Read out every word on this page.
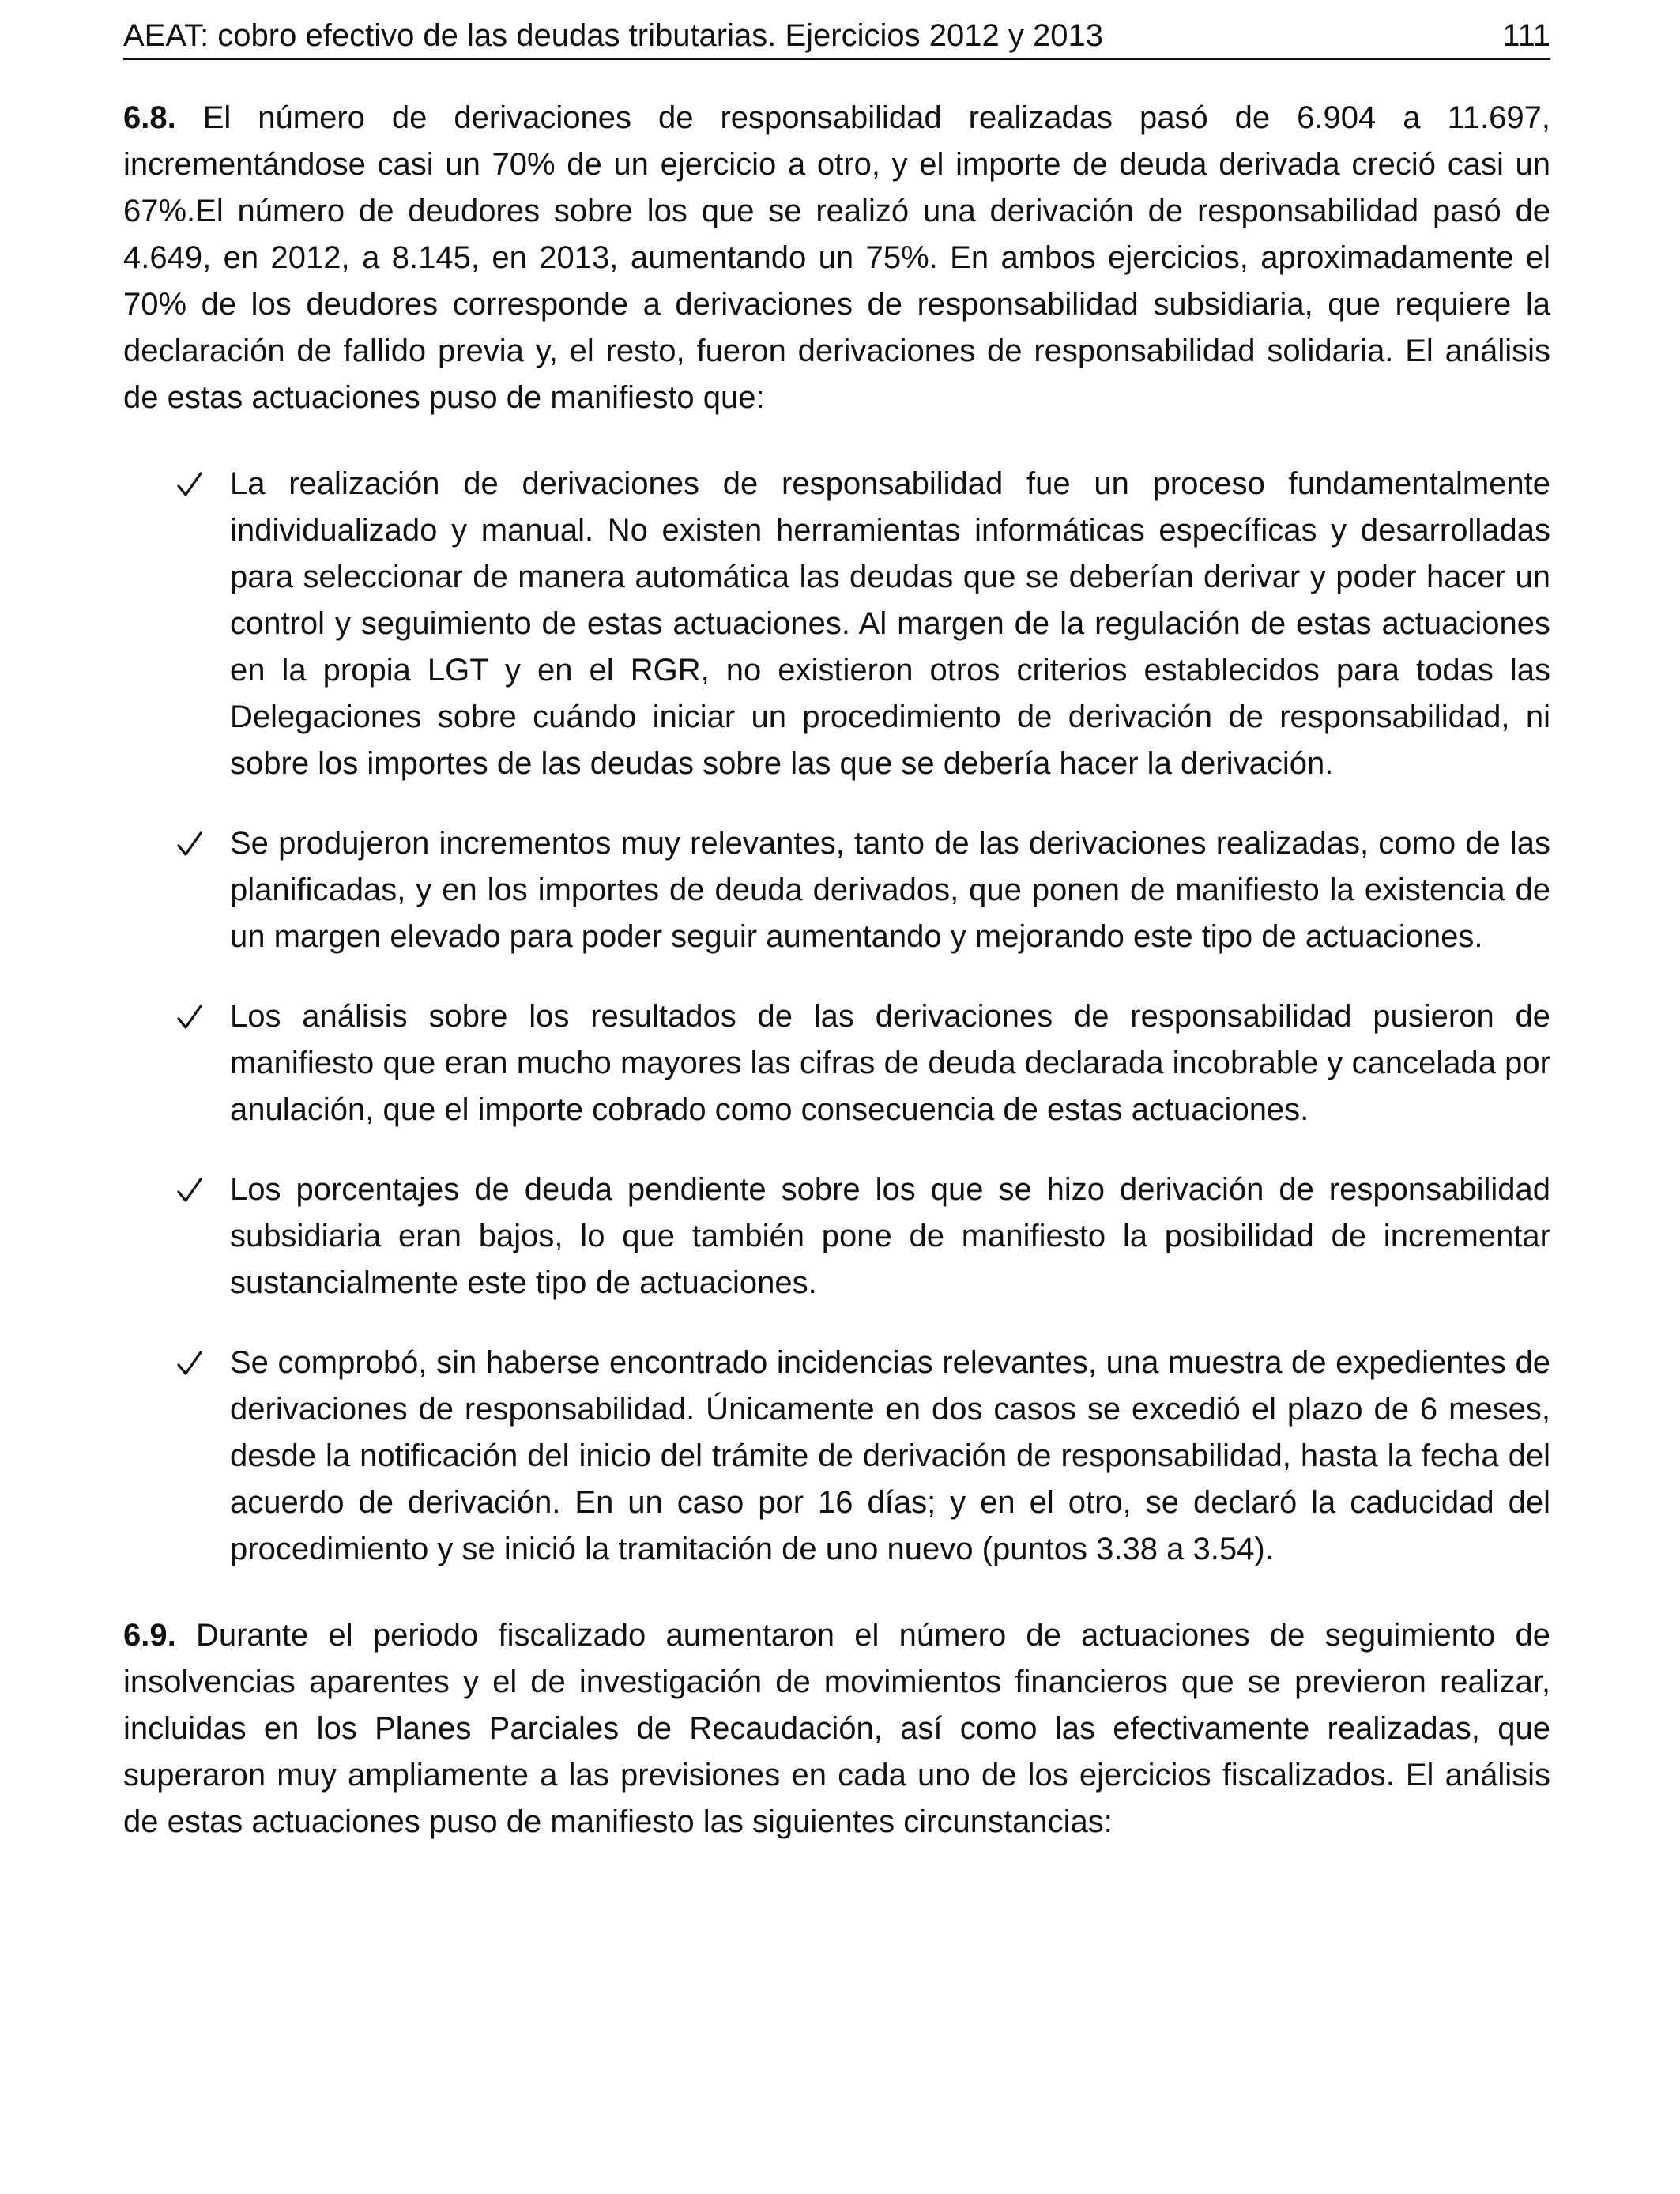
AEAT: cobro efectivo de las deudas tributarias. Ejercicios 2012 y 2013	111

6.8. El número de derivaciones de responsabilidad realizadas pasó de 6.904 a 11.697, incrementándose casi un 70% de un ejercicio a otro, y el importe de deuda derivada creció casi un 67%.El número de deudores sobre los que se realizó una derivación de responsabilidad pasó de 4.649, en 2012, a 8.145, en 2013, aumentando un 75%. En ambos ejercicios, aproximadamente el 70% de los deudores corresponde a derivaciones de responsabilidad subsidiaria, que requiere la declaración de fallido previa y, el resto, fueron derivaciones de responsabilidad solidaria. El análisis de estas actuaciones puso de manifiesto que:

La realización de derivaciones de responsabilidad fue un proceso fundamentalmente individualizado y manual. No existen herramientas informáticas específicas y desarrolladas para seleccionar de manera automática las deudas que se deberían derivar y poder hacer un control y seguimiento de estas actuaciones. Al margen de la regulación de estas actuaciones en la propia LGT y en el RGR, no existieron otros criterios establecidos para todas las Delegaciones sobre cuándo iniciar un procedimiento de derivación de responsabilidad, ni sobre los importes de las deudas sobre las que se debería hacer la derivación.
Se produjeron incrementos muy relevantes, tanto de las derivaciones realizadas, como de las planificadas, y en los importes de deuda derivados, que ponen de manifiesto la existencia de un margen elevado para poder seguir aumentando y mejorando este tipo de actuaciones.
Los análisis sobre los resultados de las derivaciones de responsabilidad pusieron de manifiesto que eran mucho mayores las cifras de deuda declarada incobrable y cancelada por anulación, que el importe cobrado como consecuencia de estas actuaciones.
Los porcentajes de deuda pendiente sobre los que se hizo derivación de responsabilidad subsidiaria eran bajos, lo que también pone de manifiesto la posibilidad de incrementar sustancialmente este tipo de actuaciones.
Se comprobó, sin haberse encontrado incidencias relevantes, una muestra de expedientes de derivaciones de responsabilidad. Únicamente en dos casos se excedió el plazo de 6 meses, desde la notificación del inicio del trámite de derivación de responsabilidad, hasta la fecha del acuerdo de derivación. En un caso por 16 días; y en el otro, se declaró la caducidad del procedimiento y se inició la tramitación de uno nuevo (puntos 3.38 a 3.54).

6.9. Durante el periodo fiscalizado aumentaron el número de actuaciones de seguimiento de insolvencias aparentes y el de investigación de movimientos financieros que se previeron realizar, incluidas en los Planes Parciales de Recaudación, así como las efectivamente realizadas, que superaron muy ampliamente a las previsiones en cada uno de los ejercicios fiscalizados. El análisis de estas actuaciones puso de manifiesto las siguientes circunstancias:
